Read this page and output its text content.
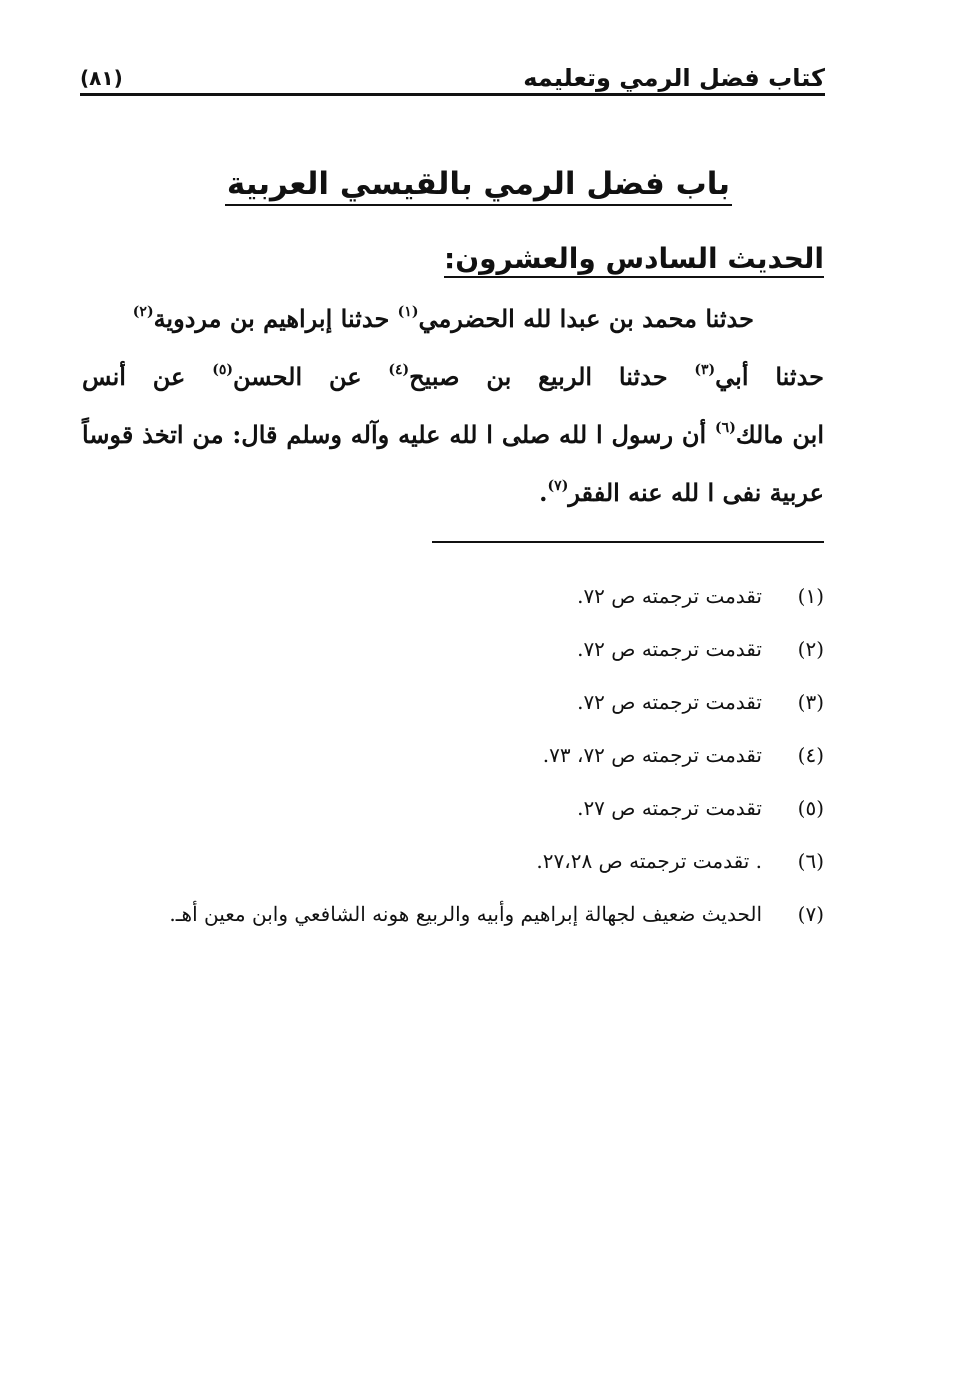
كتاب فضل الرمي وتعليمه
(٨١)
باب فضل الرمي بالقيسي العربية
الحديث السادس والعشرون:
حدثنا محمد بن عبدا لله الحضرمي$^{(١)}$ حدثنا إبراهيم بن مردوية$^{(٢)}$
حدثنا أبي$^{(٣)}$ حدثنا الربيع بن صبيح$^{(٤)}$ عن الحسن$^{(٥)}$ عن أنس
ابن مالك$^{(٦)}$ أن رسول ا لله صلى ا لله عليه وآله وسلم قال: من اتخذ قوساً
عربية نفى ا لله عنه الفقر$^{(٧)}$.
(١)تقدمت ترجمته ص ٧٢.
(٢)تقدمت ترجمته ص ٧٢.
(٣)تقدمت ترجمته ص ٧٢.
(٤)تقدمت ترجمته ص ٧٢، ٧٣.
(٥)تقدمت ترجمته ص ٢٧.
(٦). تقدمت ترجمته ص ٢٧،٢٨.
(٧)الحديث ضعيف لجهالة إبراهيم وأبيه والربيع هونه الشافعي وابن معين أهـ.
